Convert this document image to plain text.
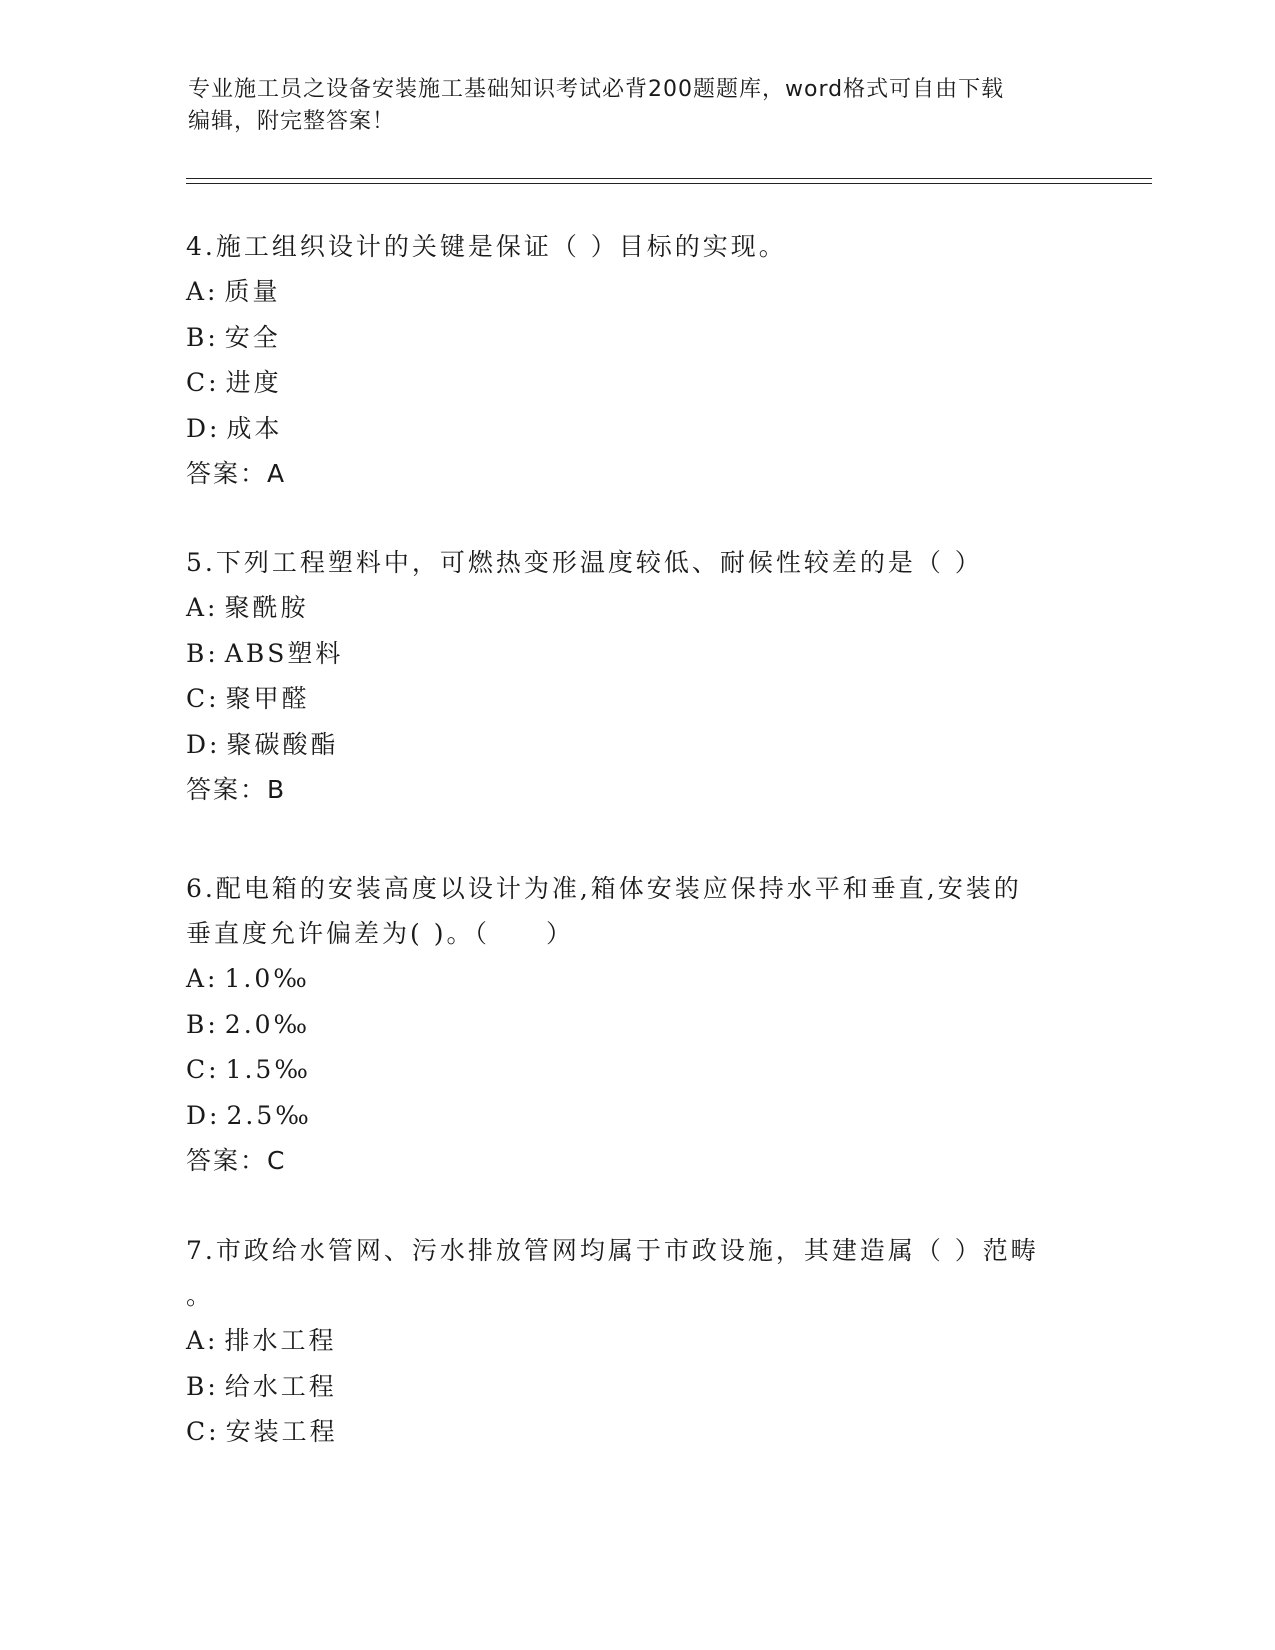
专业施工员之设备安装施工基础知识考试必背200题题库，word格式可自由下载
编辑，附完整答案！
4.施工组织设计的关键是保证（ ）目标的实现。
A: 质量
B: 安全
C: 进度
D: 成本
答案：A
5.下列工程塑料中，可燃热变形温度较低、耐候性较差的是（ ）
A: 聚酰胺
B: ABS塑料
C: 聚甲醛
D: 聚碳酸酯
答案：B
6.配电箱的安装高度以设计为准,箱体安装应保持水平和垂直,安装的
垂直度允许偏差为( )。（　　）
A: 1.0‰
B: 2.0‰
C: 1.5‰
D: 2.5‰
答案：C
7.市政给水管网、污水排放管网均属于市政设施，其建造属（ ）范畴
。
A: 排水工程
B: 给水工程
C: 安装工程
